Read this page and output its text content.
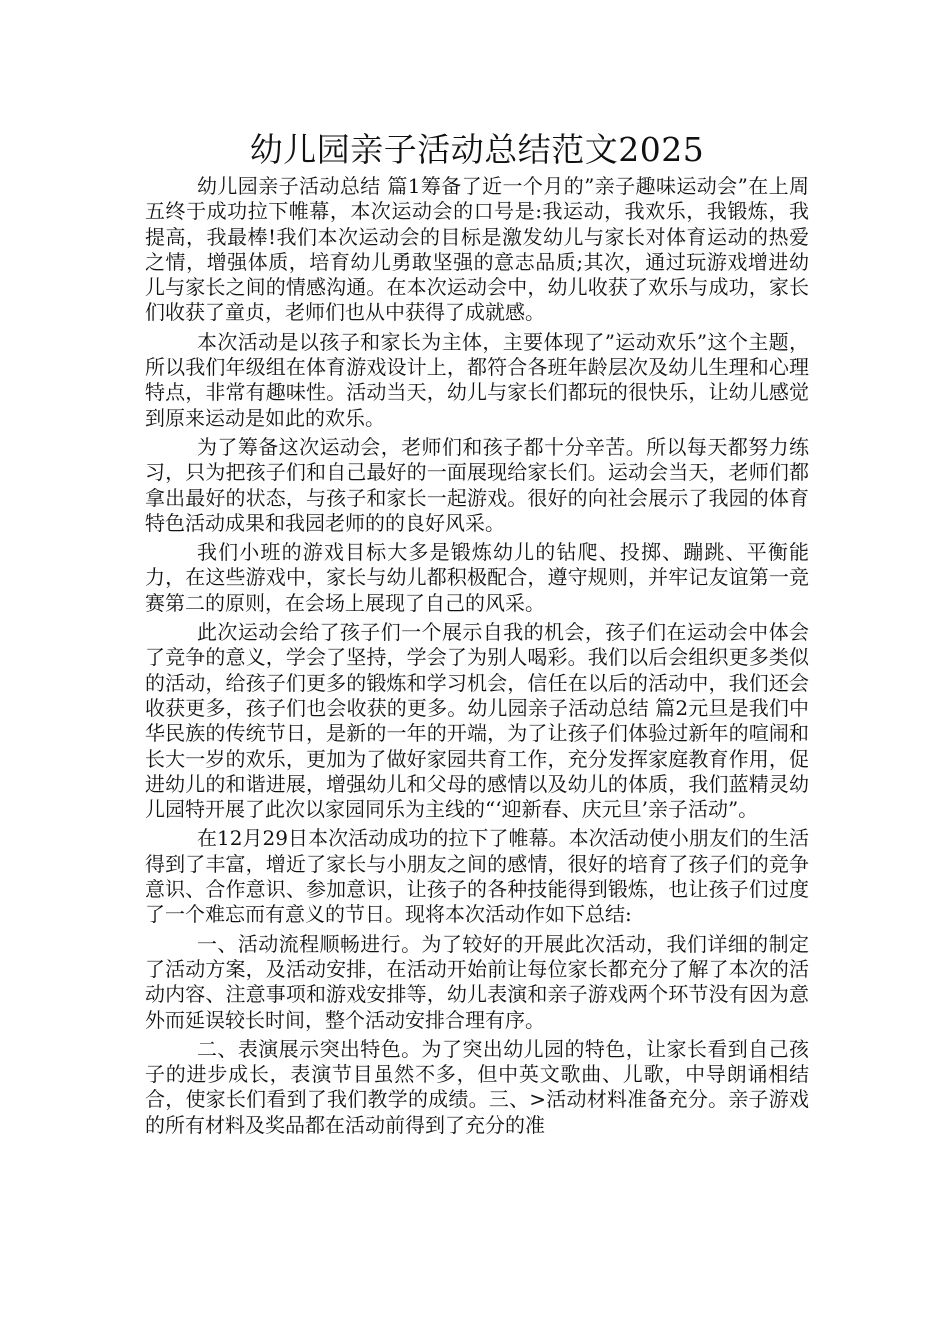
幼儿园亲子活动总结范文2025

幼儿园亲子活动总结 篇1筹备了近一个月的”亲子趣味运动会”在上周五终于成功拉下帷幕，本次运动会的口号是:我运动，我欢乐，我锻炼，我提高，我最棒!我们本次运动会的目标是激发幼儿与家长对体育运动的热爱之情，增强体质，培育幼儿勇敢坚强的意志品质;其次，通过玩游戏增进幼儿与家长之间的情感沟通。在本次运动会中，幼儿收获了欢乐与成功，家长们收获了童贞，老师们也从中获得了成就感。

本次活动是以孩子和家长为主体，主要体现了”运动欢乐”这个主题，所以我们年级组在体育游戏设计上，都符合各班年龄层次及幼儿生理和心理特点，非常有趣味性。活动当天，幼儿与家长们都玩的很快乐，让幼儿感觉到原来运动是如此的欢乐。

为了筹备这次运动会，老师们和孩子都十分辛苦。所以每天都努力练习，只为把孩子们和自己最好的一面展现给家长们。运动会当天，老师们都拿出最好的状态，与孩子和家长一起游戏。很好的向社会展示了我园的体育特色活动成果和我园老师的的良好风采。

我们小班的游戏目标大多是锻炼幼儿的钻爬、投掷、蹦跳、平衡能力，在这些游戏中，家长与幼儿都积极配合，遵守规则，并牢记友谊第一竞赛第二的原则，在会场上展现了自己的风采。

此次运动会给了孩子们一个展示自我的机会，孩子们在运动会中体会了竞争的意义，学会了坚持，学会了为别人喝彩。我们以后会组织更多类似的活动，给孩子们更多的锻炼和学习机会，信任在以后的活动中，我们还会收获更多，孩子们也会收获的更多。幼儿园亲子活动总结 篇2元旦是我们中华民族的传统节日，是新的一年的开端，为了让孩子们体验过新年的喧闹和长大一岁的欢乐，更加为了做好家园共育工作，充分发挥家庭教育作用，促进幼儿的和谐进展，增强幼儿和父母的感情以及幼儿的体质，我们蓝精灵幼儿园特开展了此次以家园同乐为主线的“‘迎新春、庆元旦’亲子活动”。

在12月29日本次活动成功的拉下了帷幕。本次活动使小朋友们的生活得到了丰富，增近了家长与小朋友之间的感情，很好的培育了孩子们的竞争意识、合作意识、参加意识，让孩子的各种技能得到锻炼，也让孩子们过度了一个难忘而有意义的节日。现将本次活动作如下总结:

一、活动流程顺畅进行。为了较好的开展此次活动，我们详细的制定了活动方案，及活动安排，在活动开始前让每位家长都充分了解了本次的活动内容、注意事项和游戏安排等，幼儿表演和亲子游戏两个环节没有因为意外而延误较长时间，整个活动安排合理有序。

二、表演展示突出特色。为了突出幼儿园的特色，让家长看到自己孩子的进步成长，表演节目虽然不多，但中英文歌曲、儿歌，中导朗诵相结合，使家长们看到了我们教学的成绩。三、>活动材料准备充分。亲子游戏的所有材料及奖品都在活动前得到了充分的准
